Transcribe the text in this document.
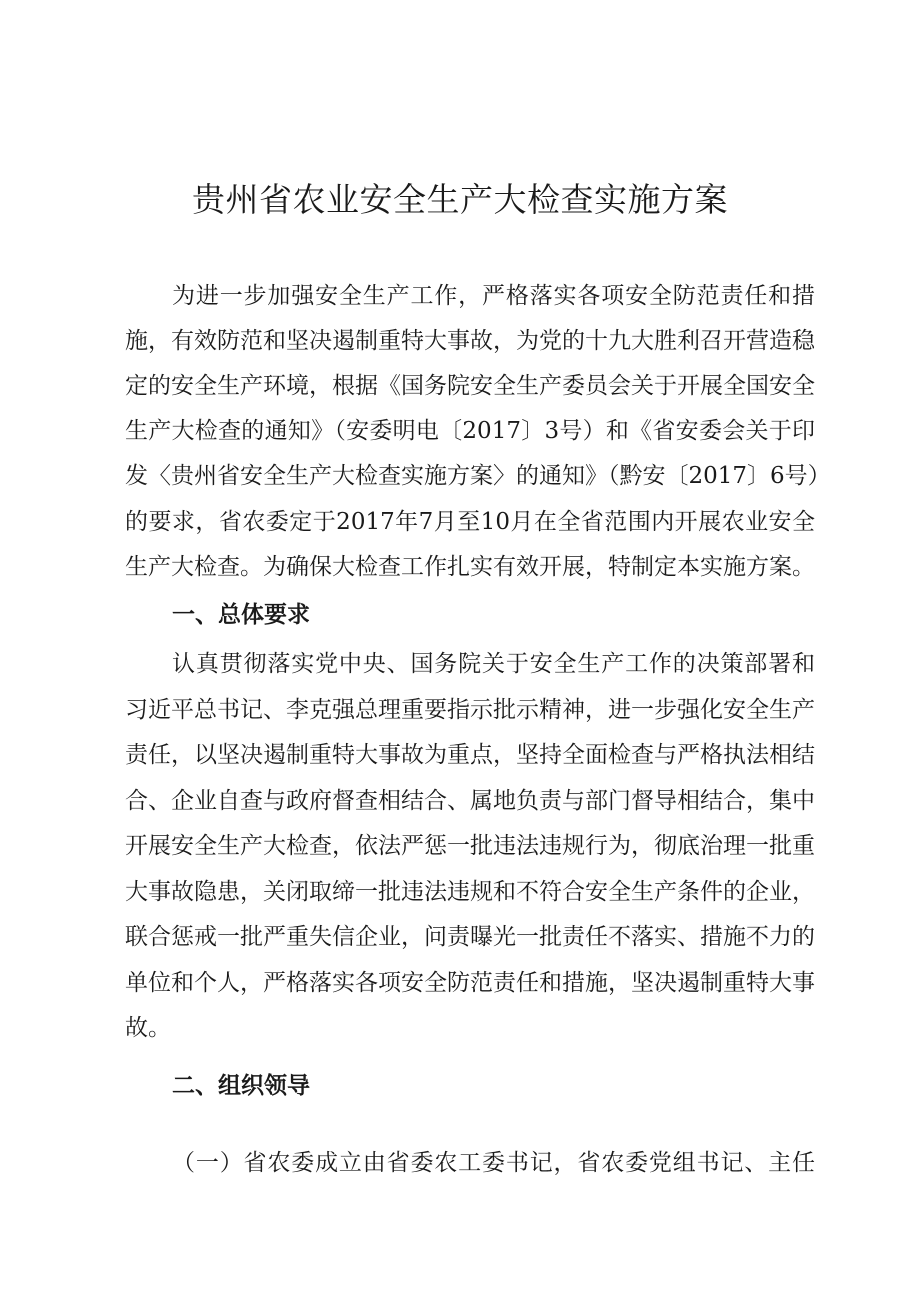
贵州省农业安全生产大检查实施方案
为进一步加强安全生产工作，严格落实各项安全防范责任和措
施，有效防范和坚决遏制重特大事故，为党的十九大胜利召开营造稳
定的安全生产环境，根据《国务院安全生产委员会关于开展全国安全
生产大检查的通知》（安委明电〔2017〕3号）和《省安委会关于印
发〈贵州省安全生产大检查实施方案〉的通知》（黔安〔2017〕6号）
的要求，省农委定于2017年7月至10月在全省范围内开展农业安全
生产大检查。为确保大检查工作扎实有效开展，特制定本实施方案。
一、总体要求
认真贯彻落实党中央、国务院关于安全生产工作的决策部署和
习近平总书记、李克强总理重要指示批示精神，进一步强化安全生产
责任，以坚决遏制重特大事故为重点，坚持全面检查与严格执法相结
合、企业自查与政府督查相结合、属地负责与部门督导相结合，集中
开展安全生产大检查，依法严惩一批违法违规行为，彻底治理一批重
大事故隐患，关闭取缔一批违法违规和不符合安全生产条件的企业，
联合惩戒一批严重失信企业，问责曝光一批责任不落实、措施不力的
单位和个人，严格落实各项安全防范责任和措施，坚决遏制重特大事
故。
二、组织领导
（一）省农委成立由省委农工委书记，省农委党组书记、主任
